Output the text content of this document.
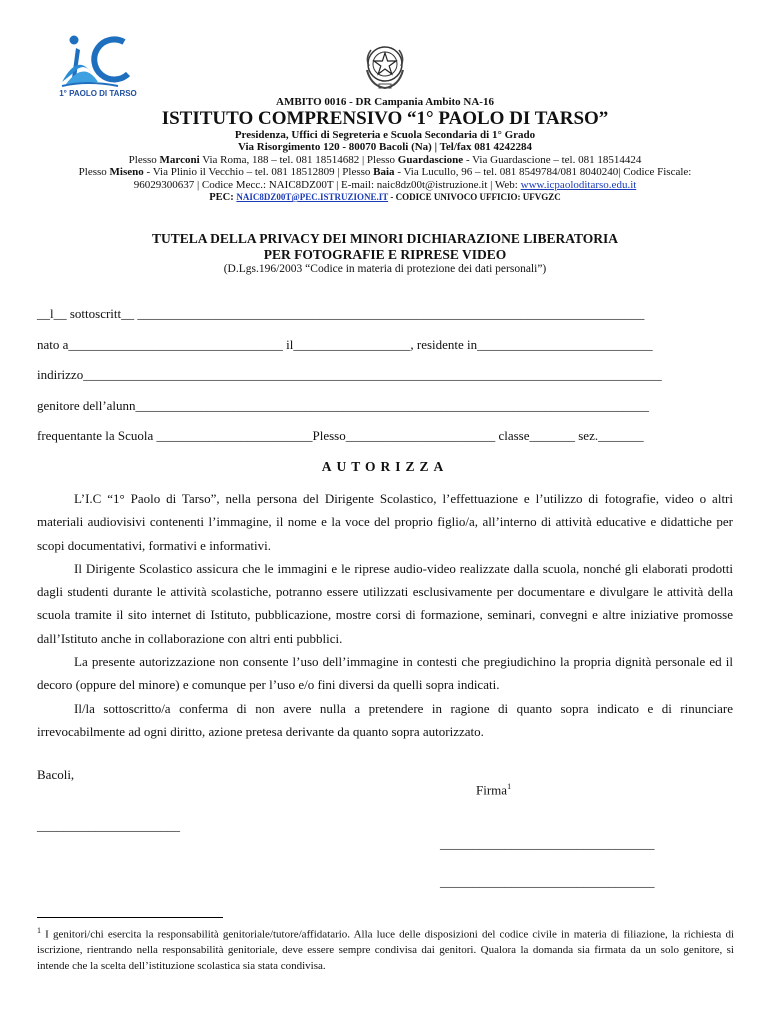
1° PAOLO DI TARSO
AMBITO 0016 - DR Campania Ambito NA-16
ISTITUTO COMPRENSIVO “1° PAOLO DI TARSO”
Presidenza, Uffici di Segreteria e Scuola Secondaria di 1° Grado
Via Risorgimento 120 - 80070 Bacoli (Na) | Tel/fax 081 4242284
Plesso Marconi Via Roma, 188 – tel. 081 18514682 | Plesso Guardascione - Via Guardascione – tel. 081 18514424
Plesso Miseno - Via Plinio il Vecchio – tel. 081 18512809 | Plesso Baia - Via Lucullo, 96 – tel. 081 8549784/081 8040240| Codice Fiscale:
96029300637 | Codice Mecc.: NAIC8DZ00T | E-mail: naic8dz00t@istruzione.it | Web: www.icpaoloditarso.edu.it
PEC: NAIC8DZ00T@PEC.ISTRUZIONE.IT - CODICE UNIVOCO UFFICIO: UFVGZC
TUTELA DELLA PRIVACY DEI MINORI DICHIARAZIONE LIBERATORIA
PER FOTOGRAFIE E RIPRESE VIDEO
(D.Lgs.196/2003 “Codice in materia di protezione dei dati personali”)
__l__ sottoscritt__ ______________________________________________________________________________
nato a_________________________________ il__________________, residente in___________________________
indirizzo_________________________________________________________________________________________
genitore dell’alunn_______________________________________________________________________________
frequentante la Scuola ________________________Plesso_______________________ classe_______ sez._______
AUTORIZZA

L’I.C “1° Paolo di Tarso”, nella persona del Dirigente Scolastico, l’effettuazione e l’utilizzo di fotografie, video o altri materiali audiovisivi contenenti l’immagine, il nome e la voce del proprio figlio/a, all’interno di attività educative e didattiche per scopi documentativi, formativi e informativi.

Il Dirigente Scolastico assicura che le immagini e le riprese audio-video realizzate dalla scuola, nonché gli elaborati prodotti dagli studenti durante le attività scolastiche, potranno essere utilizzati esclusivamente per documentare e divulgare le attività della scuola tramite il sito internet di Istituto, pubblicazione, mostre corsi di formazione, seminari, convegni e altre iniziative promosse dall’Istituto anche in collaborazione con altri enti pubblici.

La presente autorizzazione non consente l’uso dell’immagine in contesti che pregiudichino la propria dignità personale ed il decoro (oppure del minore) e comunque per l’uso e/o fini diversi da quelli sopra indicati.

Il/la sottoscritto/a conferma di non avere nulla a pretendere in ragione di quanto sopra indicato e di rinunciare irrevocabilmente ad ogni diritto, azione pretesa derivante da quanto sopra autorizzato.

Bacoli,
Firma$^1$
______________________
_________________________________
_________________________________
$^1$ I genitori/chi esercita la responsabilità genitoriale/tutore/affidatario. Alla luce delle disposizioni del codice civile in materia di filiazione, la richiesta di iscrizione, rientrando nella responsabilità genitoriale, deve essere sempre condivisa dai genitori. Qualora la domanda sia firmata da un solo genitore, si intende che la scelta dell’istituzione scolastica sia stata condivisa.
